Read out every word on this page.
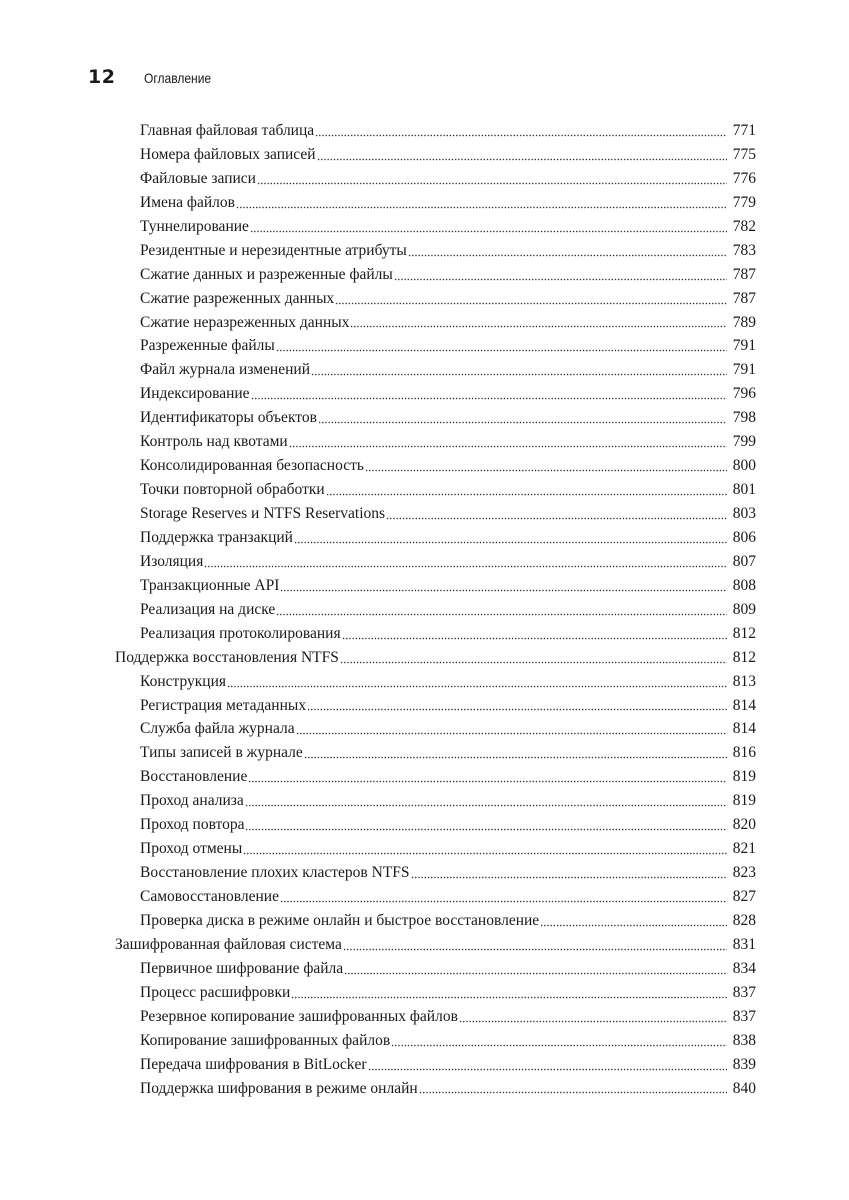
12 Оглавление
Главная файловая таблица	771
Номера файловых записей	775
Файловые записи	776
Имена файлов	779
Туннелирование	782
Резидентные и нерезидентные атрибуты	783
Сжатие данных и разреженные файлы	787
Сжатие разреженных данных	787
Сжатие неразреженных данных	789
Разреженные файлы	791
Файл журнала изменений	791
Индексирование	796
Идентификаторы объектов	798
Контроль над квотами	799
Консолидированная безопасность	800
Точки повторной обработки	801
Storage Reserves и NTFS Reservations	803
Поддержка транзакций	806
Изоляция	807
Транзакционные API	808
Реализация на диске	809
Реализация протоколирования	812
Поддержка восстановления NTFS	812
Конструкция	813
Регистрация метаданных	814
Служба файла журнала	814
Типы записей в журнале	816
Восстановление	819
Проход анализа	819
Проход повтора	820
Проход отмены	821
Восстановление плохих кластеров NTFS	823
Самовосстановление	827
Проверка диска в режиме онлайн и быстрое восстановление	828
Зашифрованная файловая система	831
Первичное шифрование файла	834
Процесс расшифровки	837
Резервное копирование зашифрованных файлов	837
Копирование зашифрованных файлов	838
Передача шифрования в BitLocker	839
Поддержка шифрования в режиме онлайн	840
